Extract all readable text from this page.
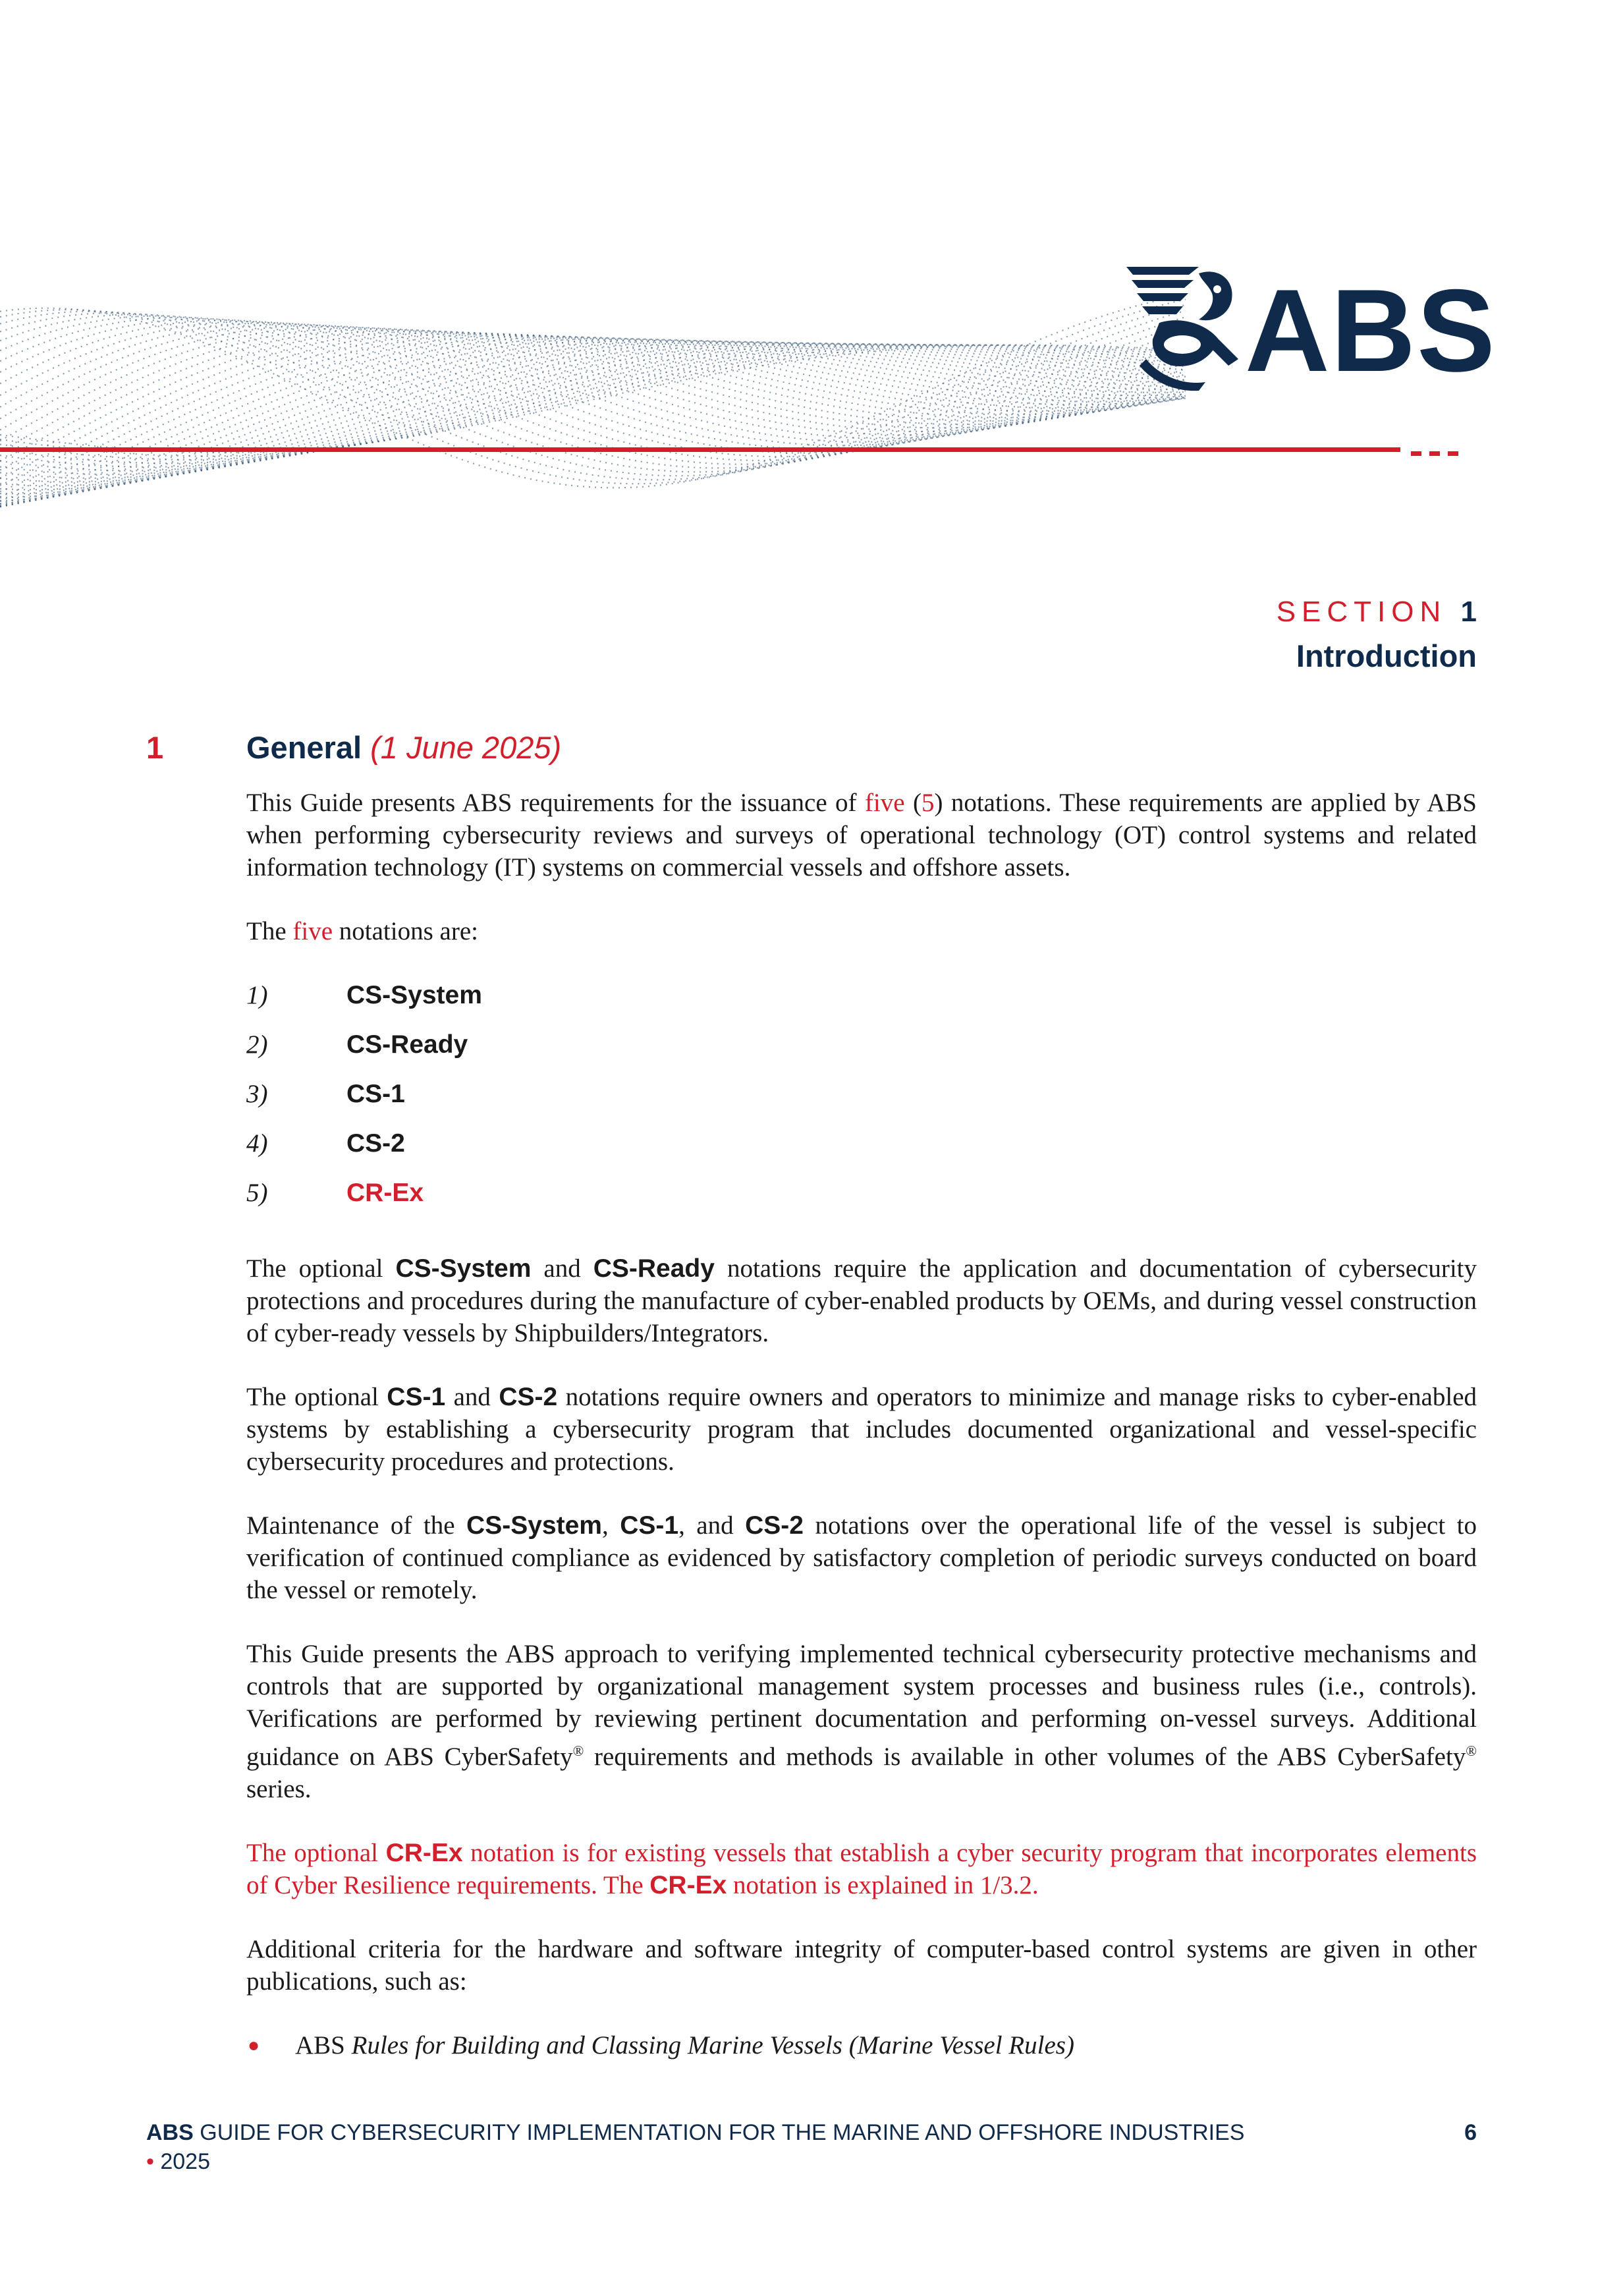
ABS
SECTION 1
Introduction
1	General (1 June 2025)

This Guide presents ABS requirements for the issuance of five (5) notations. These requirements are applied by ABS when performing cybersecurity reviews and surveys of operational technology (OT) control systems and related information technology (IT) systems on commercial vessels and offshore assets.

The five notations are:

1)	CS-System
2)	CS-Ready
3)	CS-1
4)	CS-2
5)	CR-Ex

The optional CS-System and CS-Ready notations require the application and documentation of cybersecurity protections and procedures during the manufacture of cyber-enabled products by OEMs, and during vessel construction of cyber-ready vessels by Shipbuilders/Integrators.

The optional CS-1 and CS-2 notations require owners and operators to minimize and manage risks to cyber-enabled systems by establishing a cybersecurity program that includes documented organizational and vessel-specific cybersecurity procedures and protections.

Maintenance of the CS-System, CS-1, and CS-2 notations over the operational life of the vessel is subject to verification of continued compliance as evidenced by satisfactory completion of periodic surveys conducted on board the vessel or remotely.

This Guide presents the ABS approach to verifying implemented technical cybersecurity protective mechanisms and controls that are supported by organizational management system processes and business rules (i.e., controls). Verifications are performed by reviewing pertinent documentation and performing on-vessel surveys. Additional guidance on ABS CyberSafety® requirements and methods is available in other volumes of the ABS CyberSafety® series.

The optional CR-Ex notation is for existing vessels that establish a cyber security program that incorporates elements of Cyber Resilience requirements. The CR-Ex notation is explained in 1/3.2.

Additional criteria for the hardware and software integrity of computer-based control systems are given in other publications, such as:

● ABS Rules for Building and Classing Marine Vessels (Marine Vessel Rules)
ABS GUIDE FOR CYBERSECURITY IMPLEMENTATION FOR THE MARINE AND OFFSHORE INDUSTRIES
• 2025
6
